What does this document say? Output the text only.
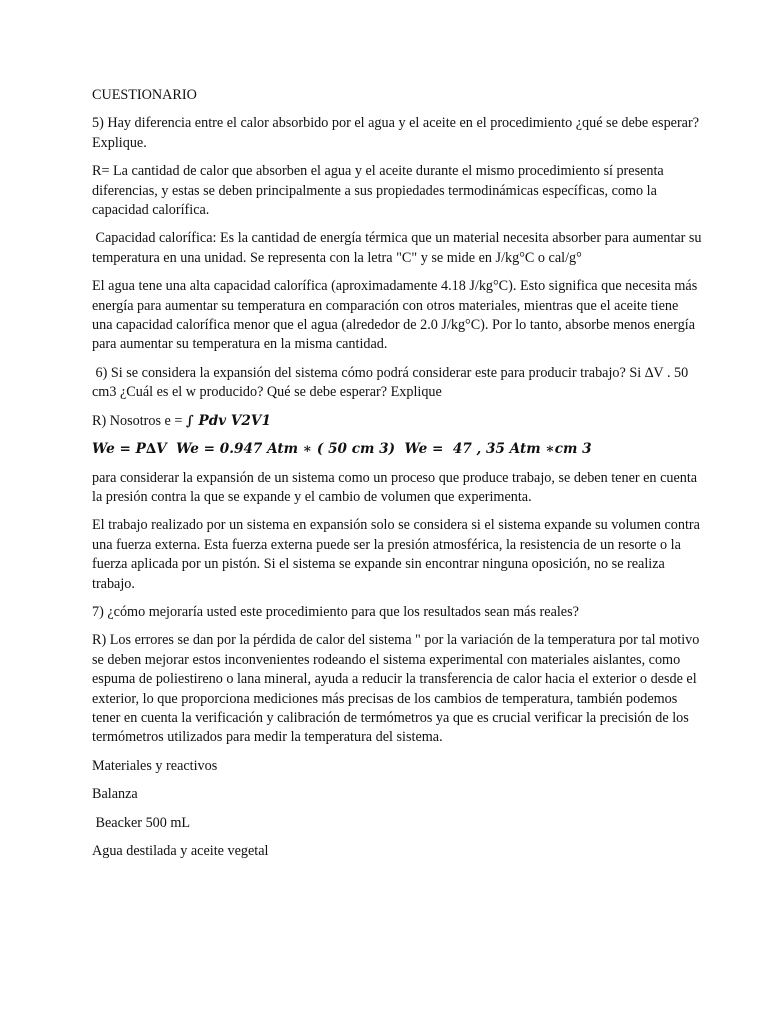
CUESTIONARIO

5) Hay diferencia entre el calor absorbido por el agua y el aceite en el procedimiento ¿qué se debe esperar? Explique.

R= La cantidad de calor que absorben el agua y el aceite durante el mismo procedimiento sí presenta diferencias, y estas se deben principalmente a sus propiedades termodinámicas específicas, como la capacidad calorífica.

Capacidad calorífica: Es la cantidad de energía térmica que un material necesita absorber para aumentar su temperatura en una unidad. Se representa con la letra "C" y se mide en J/kg°C o cal/g°

El agua tene una alta capacidad calorífica (aproximadamente 4.18 J/kg°C). Esto significa que necesita más energía para aumentar su temperatura en comparación con otros materiales, mientras que el aceite tiene una capacidad calorífica menor que el agua (alrededor de 2.0 J/kg°C). Por lo tanto, absorbe menos energía para aumentar su temperatura en la misma cantidad.

6) Si se considera la expansión del sistema cómo podrá considerar este para producir trabajo? Si ∆V . 50 cm3 ¿Cuál es el w producido? Qué se debe esperar? Explique

R) Nosotros e = ∫ Pdv V2V1

We = P∆V  We = 0.947 Atm ∗ ( 50 cm 3)  We =  47 , 35 Atm ∗cm 3

para considerar la expansión de un sistema como un proceso que produce trabajo, se deben tener en cuenta la presión contra la que se expande y el cambio de volumen que experimenta.

El trabajo realizado por un sistema en expansión solo se considera si el sistema expande su volumen contra una fuerza externa. Esta fuerza externa puede ser la presión atmosférica, la resistencia de un resorte o la fuerza aplicada por un pistón. Si el sistema se expande sin encontrar ninguna oposición, no se realiza trabajo.

7) ¿cómo mejoraría usted este procedimiento para que los resultados sean más reales?

R) Los errores se dan por la pérdida de calor del sistema " por la variación de la temperatura por tal motivo se deben mejorar estos inconvenientes rodeando el sistema experimental con materiales aislantes, como espuma de poliestireno o lana mineral, ayuda a reducir la transferencia de calor hacia el exterior o desde el exterior, lo que proporciona mediciones más precisas de los cambios de temperatura, también podemos tener en cuenta la verificación y calibración de termómetros ya que es crucial verificar la precisión de los termómetros utilizados para medir la temperatura del sistema.

Materiales y reactivos

Balanza

Beacker 500 mL

Agua destilada y aceite vegetal
